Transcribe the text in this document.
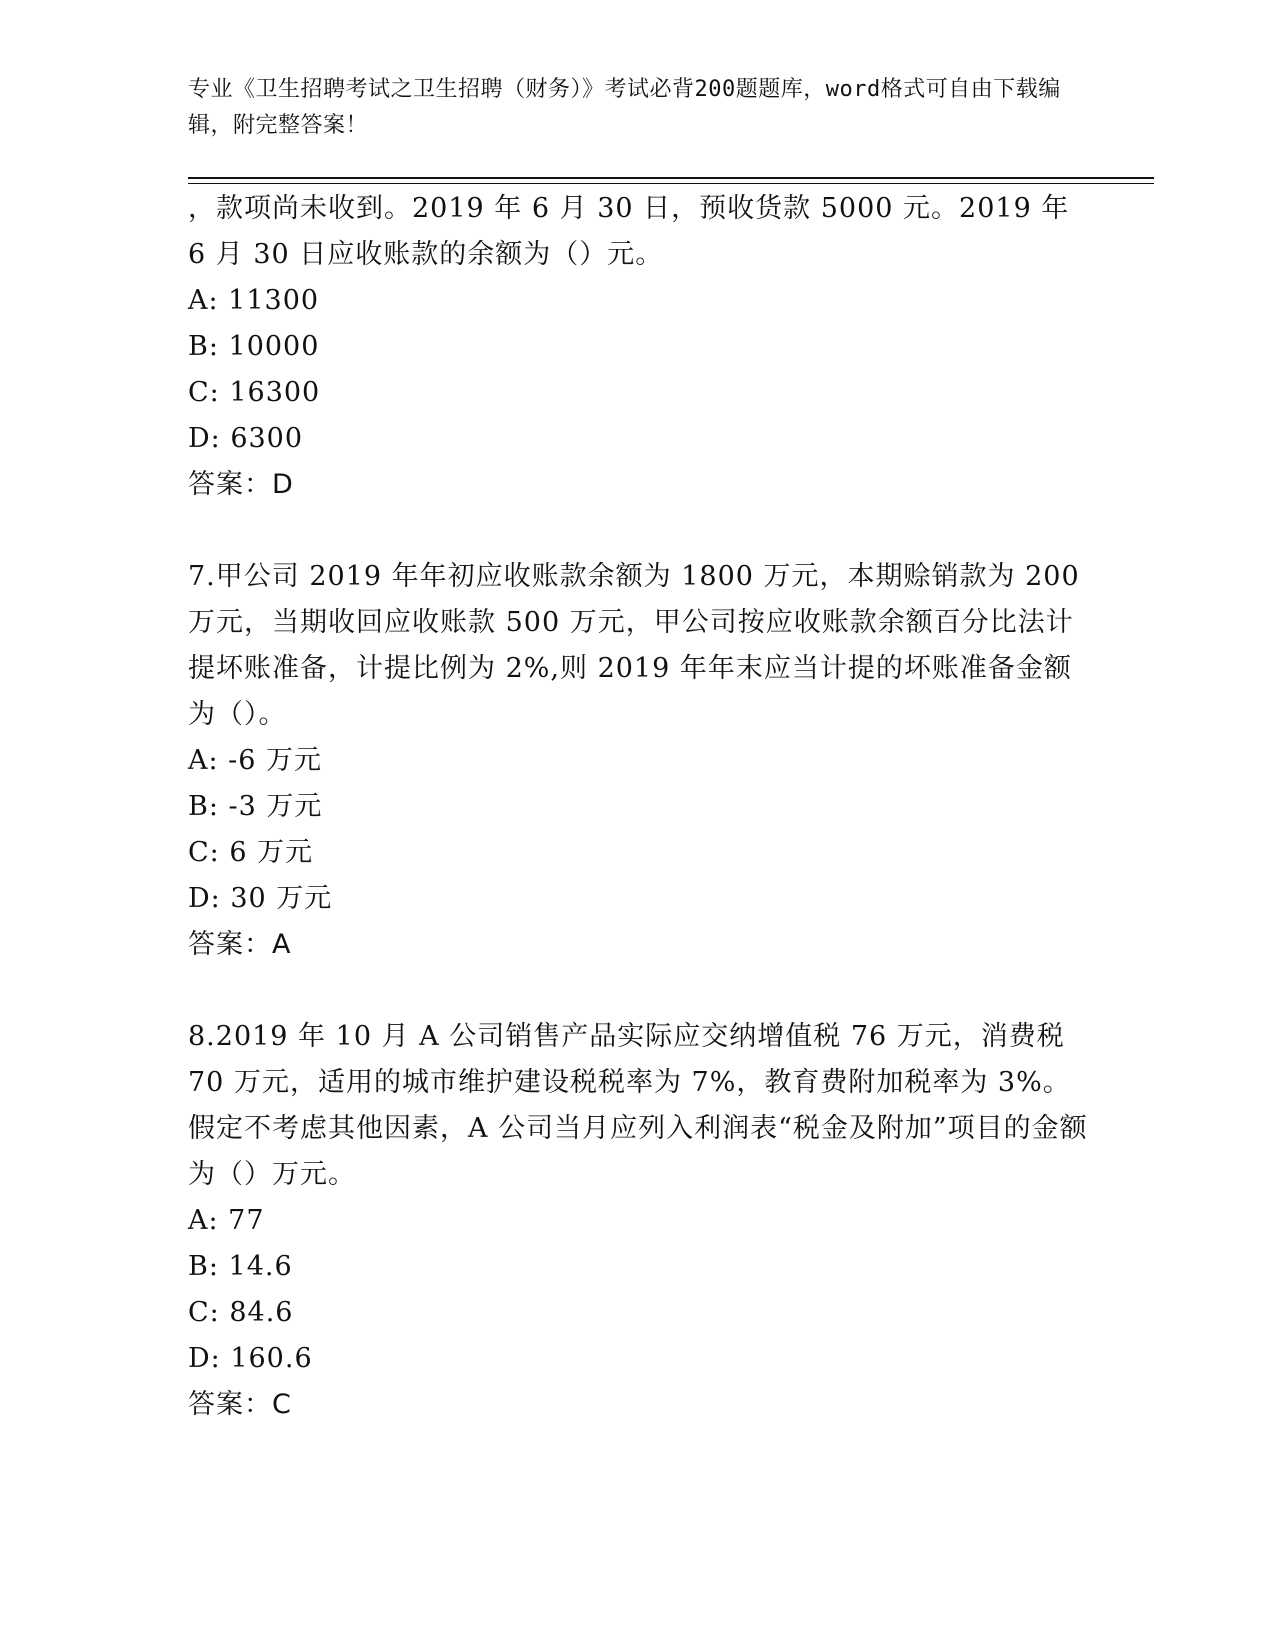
专业《卫生招聘考试之卫生招聘（财务）》考试必背200题题库，word格式可自由下载编辑，附完整答案！

，款项尚未收到。2019 年 6 月 30 日，预收货款 5000 元。2019 年 6 月 30 日应收账款的余额为（）元。

A: 11300

B: 10000

C: 16300

D: 6300

答案：D

7.甲公司 2019 年年初应收账款余额为 1800 万元，本期赊销款为 200 万元，当期收回应收账款 500 万元，甲公司按应收账款余额百分比法计提坏账准备，计提比例为 2%,则 2019 年年末应当计提的坏账准备金额为（）。

A: -6 万元

B: -3 万元

C: 6 万元

D: 30 万元

答案：A

8.2019 年 10 月 A 公司销售产品实际应交纳增值税 76 万元，消费税 70 万元，适用的城市维护建设税税率为 7%，教育费附加税率为 3%。假定不考虑其他因素，A 公司当月应列入利润表“税金及附加”项目的金额为（）万元。

A: 77

B: 14.6

C: 84.6

D: 160.6

答案：C
